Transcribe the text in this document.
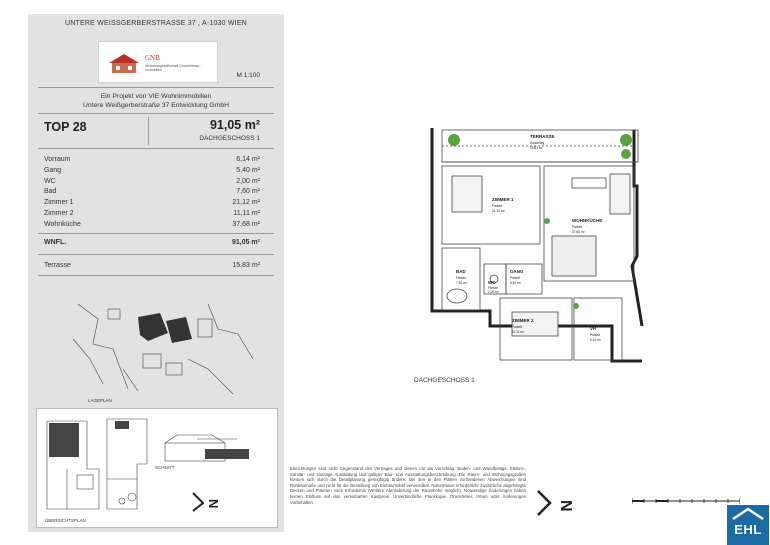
UNTERE WEISSGERBERSTRASSE 37 , A-1030 WIEN
GNB
Wohnbaugesellschaft Gewerbebau · Immobilien
M 1:100
Ein Projekt von VIE Wohnimmobilien
Untere Weißgerberstraße 37 Entwicklung GmbH
TOP 28	91,05 m²
DACHGESCHOSS 1
Vorraum	6,14 m²
Gang	5,40 m²
WC	2,00 m²
Bad	7,60 m²
Zimmer 1	21,12 m²
Zimmer 2	11,11 m²
Wohnküche	37,68 m²
WNFL.	91,05 m²
Terrasse	15,83 m²
LAGEPLAN
SCHNITT
N
ÜBERSICHTSPLAN
TERRASSE
Holzbelag
15,83 m²
ZIMMER 1
Parkett
21,12 m²
WOHNKÜCHE
Parkett
37,68 m²
BAD
Fliesen
7,60 m²	WC
Fliesen
2,00 m²
GANG
Parkett
5,40 m²
ZIMMER 2
Parkett
11,11 m²
VR
Parkett
6,14 m²
DACHGESCHOSS 1
Einrichtungen sind nicht Gegenstand des Vertrages und dienen nur als Vorschlag. Boden- und Wandbeläge, Elektro-, Sanitär- und sonstige Ausstattung laut gültiger Bau- und Ausstattungsbeschreibung. Die Raum- und Wohnungsgrößen können sich durch die Detailplanung geringfügig ändern. Bei den in den Plänen vorhandenen Abweichungen sind Rohbaumaße und nicht für die Bestellung von Einbaumöbel verwendbar. Naturmasse erforderlich! Zusätzliche abgehängte Decken und Poterien nach Erfordernis (Weitere Abminderung der Raumhöhe möglich). Notwendige Änderungen haben keinen Einfluss auf den vereinbarten Kaufpreis. Unverbindliche Planskopie. Druckfehler, Irrtum oder Änderungen Vorbehalten.	N
EHL
